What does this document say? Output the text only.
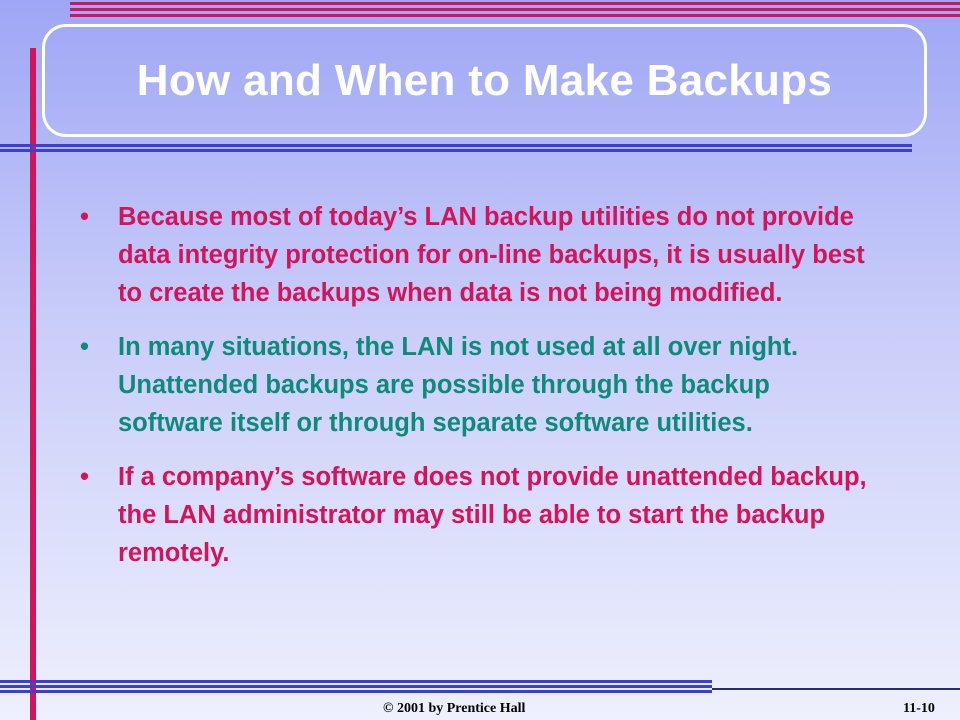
How and When to Make Backups
• Because most of today’s LAN backup utilities do not provide data integrity protection for on-line backups, it is usually best to create the backups when data is not being modified.
• In many situations, the LAN is not used at all over night. Unattended backups are possible through the backup software itself or through separate software utilities.
• If a company’s software does not provide unattended backup, the LAN administrator may still be able to start the backup remotely.
© 2001 by Prentice Hall	11-10
